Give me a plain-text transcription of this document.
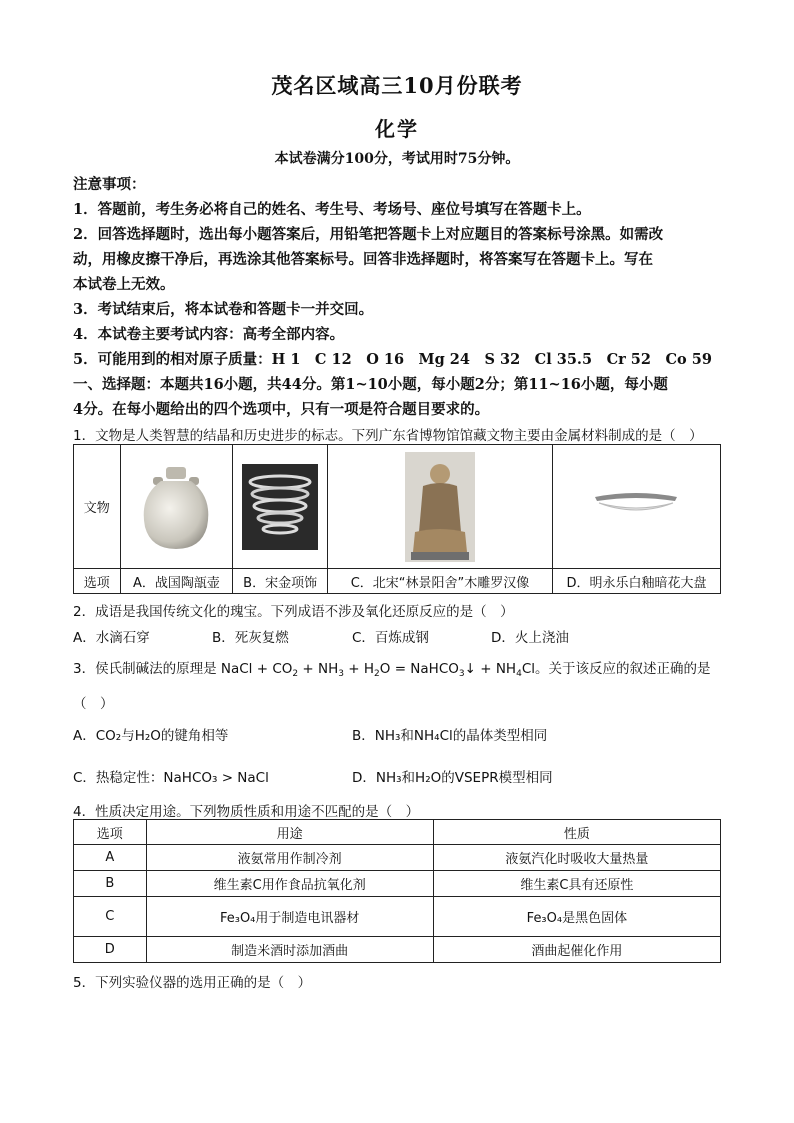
茂名区域高三10月份联考
化学
本试卷满分100分，考试用时75分钟。
注意事项：
1．答题前，考生务必将自己的姓名、考生号、考场号、座位号填写在答题卡上。
2．回答选择题时，选出每小题答案后，用铅笔把答题卡上对应题目的答案标号涂黑。如需改
动，用橡皮擦干净后，再选涂其他答案标号。回答非选择题时，将答案写在答题卡上。写在
本试卷上无效。
3．考试结束后，将本试卷和答题卡一并交回。
4．本试卷主要考试内容：高考全部内容。
5．可能用到的相对原子质量：H 1　C 12　O 16　Mg 24　S 32　Cl 35.5　Cr 52　Co 59
一、选择题：本题共16小题，共44分。第1~10小题，每小题2分；第11~16小题，每小题
4分。在每小题给出的四个选项中，只有一项是符合题目要求的。
1．文物是人类智慧的结晶和历史进步的标志。下列广东省博物馆馆藏文物主要由金属材料制成的是（　）
文物	

选项	A．战国陶瓿壶	B．宋金项饰	C．北宋“林景阳舍”木雕罗汉像	D．明永乐白釉暗花大盘
2．成语是我国传统文化的瑰宝。下列成语不涉及氧化还原反应的是（　）
A．水滴石穿	B．死灰复燃	C．百炼成钢	D．火上浇油
3．侯氏制碱法的原理是 NaCl + $CO_2 + NH_3 + H_2O$ = NaHCO$_3$↓ + $NH_4Cl$。关于该反应的叙述正确的是
（　）
A．CO₂与H₂O的键角相等	B．NH₃和NH₄Cl的晶体类型相同
C．热稳定性：NaHCO₃ > NaCl	D．NH₃和H₂O的VSEPR模型相同
4．性质决定用途。下列物质性质和用途不匹配的是（　）
选项	用途	性质
A	液氨常用作制冷剂	液氨汽化时吸收大量热量
B	维生素C用作食品抗氧化剂	维生素C具有还原性
C	Fe₃O₄用于制造电讯器材	Fe₃O₄是黑色固体
D	制造米酒时添加酒曲	酒曲起催化作用
5．下列实验仪器的选用正确的是（　）
